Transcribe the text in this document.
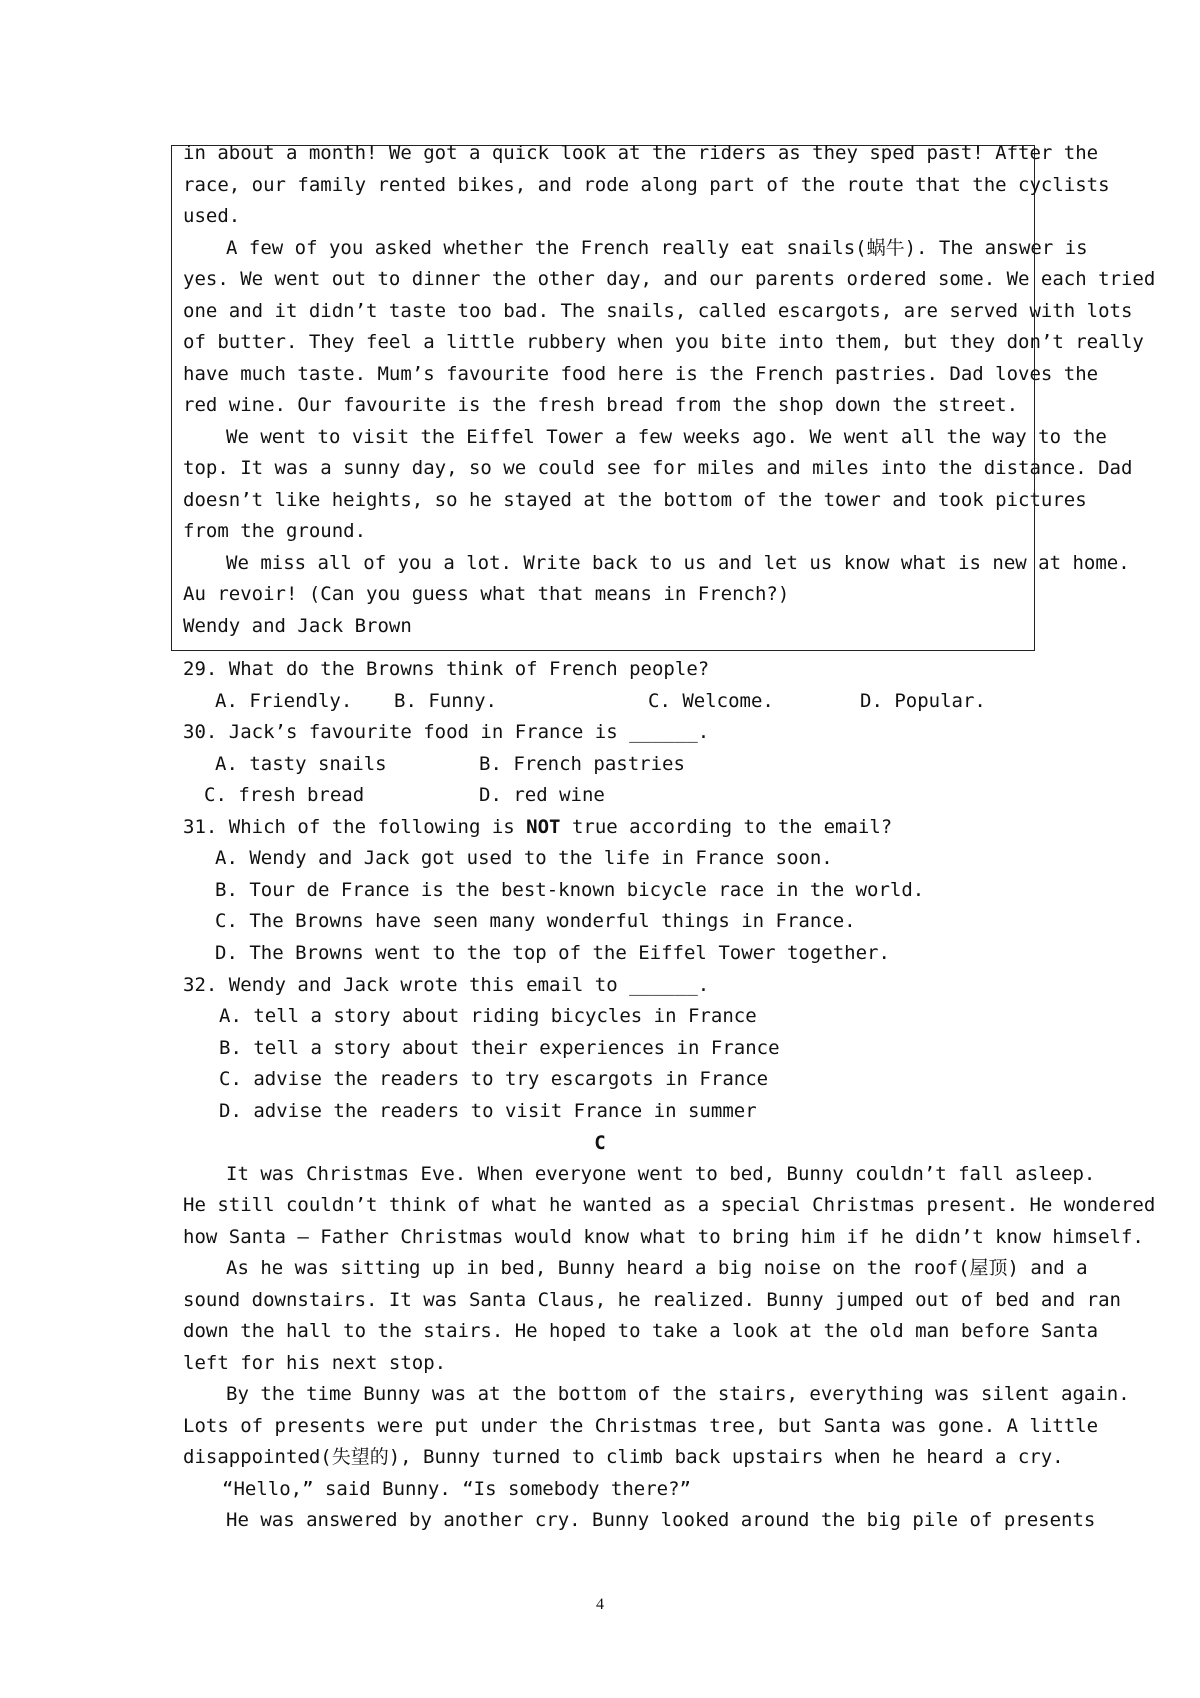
in about a month! We got a quick look at the riders as they sped past! After the
race, our family rented bikes, and rode along part of the route that the cyclists
used.
A few of you asked whether the French really eat snails(蜗牛). The answer is
yes. We went out to dinner the other day, and our parents ordered some. We each tried
one and it didn’t taste too bad. The snails, called escargots, are served with lots
of butter. They feel a little rubbery when you bite into them, but they don’t really
have much taste. Mum’s favourite food here is the French pastries. Dad loves the
red wine. Our favourite is the fresh bread from the shop down the street.
We went to visit the Eiffel Tower a few weeks ago. We went all the way to the
top. It was a sunny day, so we could see for miles and miles into the distance. Dad
doesn’t like heights, so he stayed at the bottom of the tower and took pictures
from the ground.
We miss all of you a lot. Write back to us and let us know what is new at home.
Au revoir! (Can you guess what that means in French?)
Wendy and Jack Brown
29. What do the Browns think of French people?
A. Friendly. B. Funny.	C. Welcome.	D. Popular.
30. Jack’s favourite food in France is ______.
A. tasty snails	B. French pastries
C. fresh bread	D. red wine
31. Which of the following is NOT true according to the email?
A. Wendy and Jack got used to the life in France soon.
B. Tour de France is the best-known bicycle race in the world.
C. The Browns have seen many wonderful things in France.
D. The Browns went to the top of the Eiffel Tower together.
32. Wendy and Jack wrote this email to ______.
A. tell a story about riding bicycles in France
B. tell a story about their experiences in France
C. advise the readers to try escargots in France
D. advise the readers to visit France in summer
C
It was Christmas Eve. When everyone went to bed, Bunny couldn’t fall asleep.
He still couldn’t think of what he wanted as a special Christmas present. He wondered
how Santa — Father Christmas would know what to bring him if he didn’t know himself.
As he was sitting up in bed, Bunny heard a big noise on the roof(屋顶) and a
sound downstairs. It was Santa Claus, he realized. Bunny jumped out of bed and ran
down the hall to the stairs. He hoped to take a look at the old man before Santa
left for his next stop.
By the time Bunny was at the bottom of the stairs, everything was silent again.
Lots of presents were put under the Christmas tree, but Santa was gone. A little
disappointed(失望的), Bunny turned to climb back upstairs when he heard a cry.
“Hello,” said Bunny. “Is somebody there?”
He was answered by another cry. Bunny looked around the big pile of presents
4
